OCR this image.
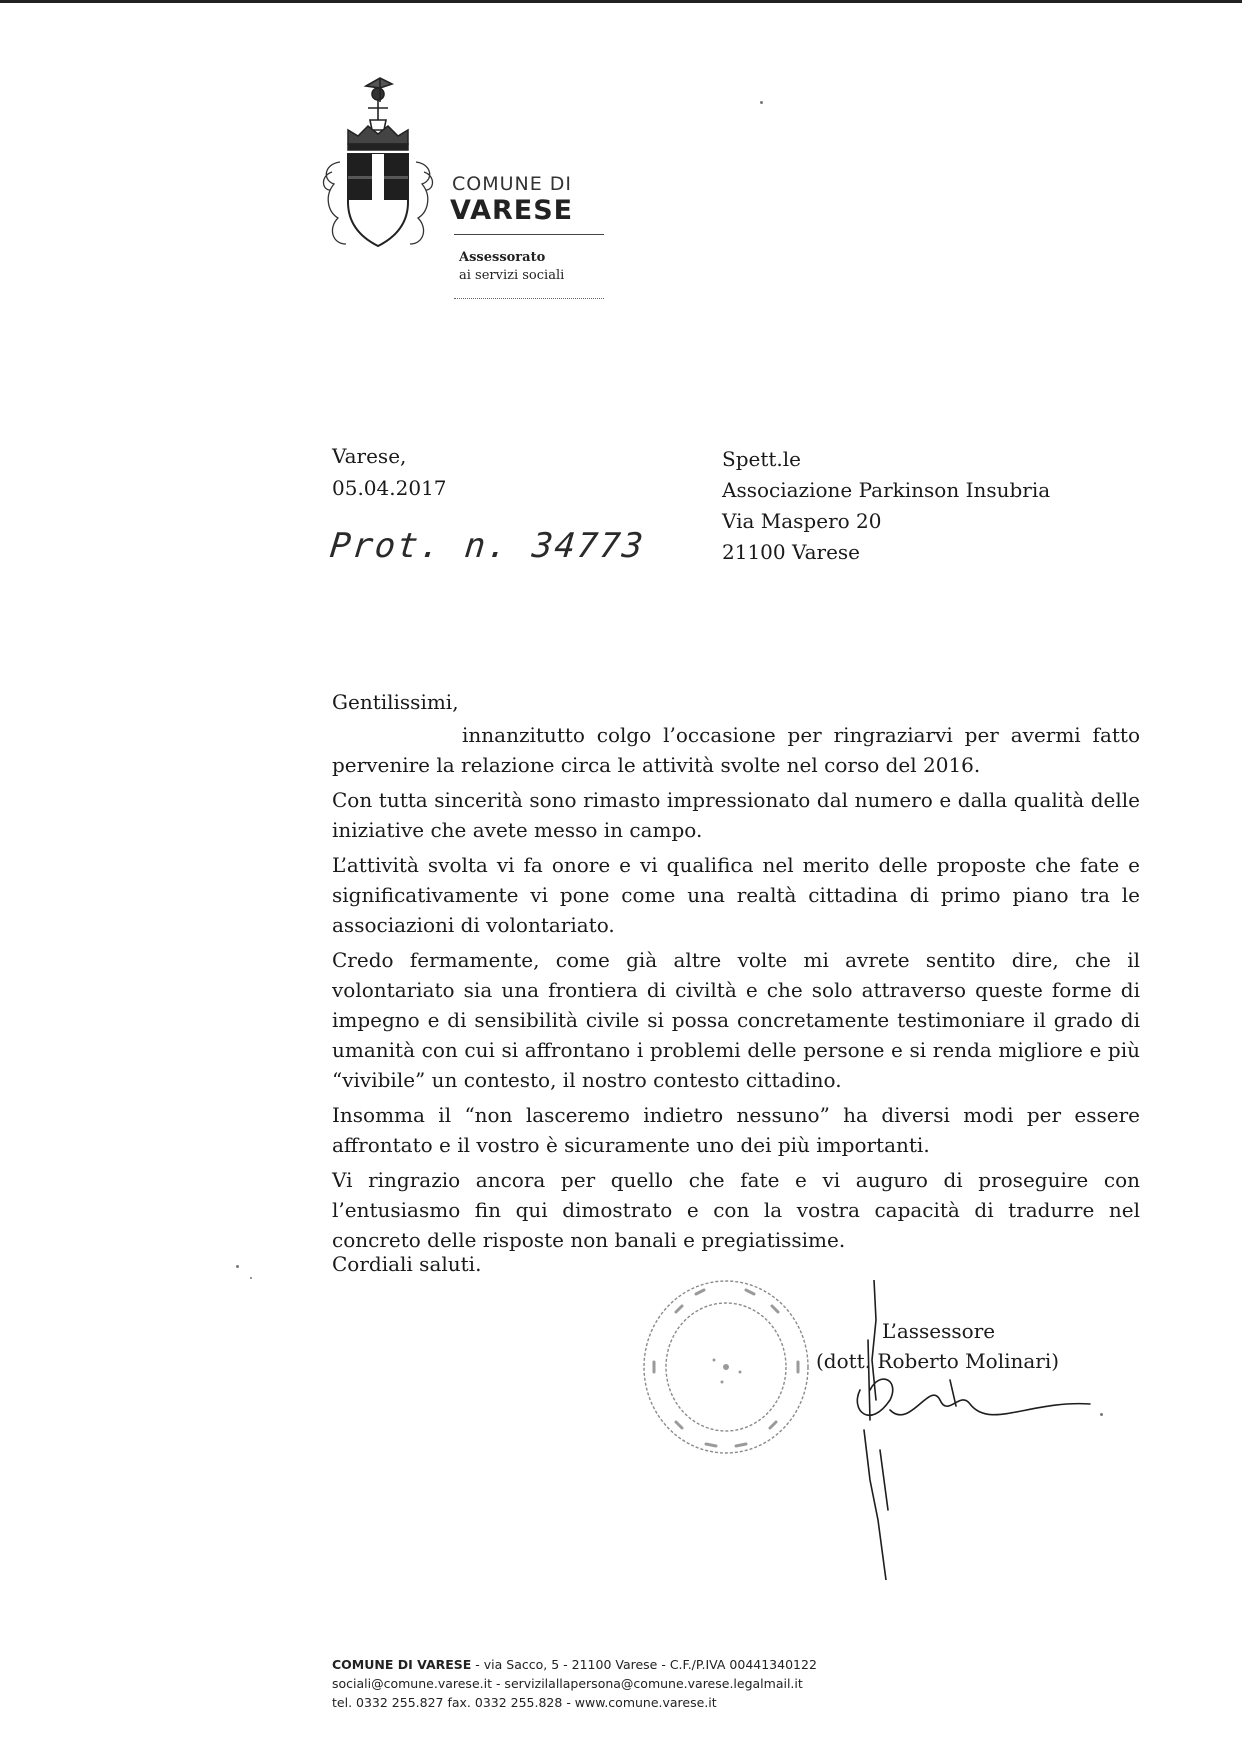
COMUNE DI
VARESE
Assessorato
ai servizi sociali
Varese,
05.04.2017
Prot. n. 34773
Spett.le
Associazione Parkinson Insubria
Via Maspero 20
21100 Varese
Gentilissimi,

innanzitutto colgo l’occasione per ringraziarvi per avermi fatto pervenire la relazione circa le attività svolte nel corso del 2016.

Con tutta sincerità sono rimasto impressionato dal numero e dalla qualità delle iniziative che avete messo in campo.

L’attività svolta vi fa onore e vi qualifica nel merito delle proposte che fate e significativamente vi pone come una realtà cittadina di primo piano tra le associazioni di volontariato.

Credo fermamente, come già altre volte mi avrete sentito dire, che il volontariato sia una frontiera di civiltà e che solo attraverso queste forme di impegno e di sensibilità civile si possa concretamente testimoniare il grado di umanità con cui si affrontano i problemi delle persone e si renda migliore e più “vivibile” un contesto, il nostro contesto cittadino.

Insomma il “non lasceremo indietro nessuno” ha diversi modi per essere affrontato e il vostro è sicuramente uno dei più importanti.

Vi ringrazio ancora per quello che fate e vi auguro di proseguire con l’entusiasmo fin qui dimostrato e con la vostra capacità di tradurre nel concreto delle risposte non banali e pregiatissime.

Cordiali saluti.
L’assessore
(dott. Roberto Molinari)
COMUNE DI VARESE - via Sacco, 5 - 21100 Varese - C.F./P.IVA 00441340122
sociali@comune.varese.it - servizilallapersona@comune.varese.legalmail.it
tel. 0332 255.827 fax. 0332 255.828 - www.comune.varese.it
